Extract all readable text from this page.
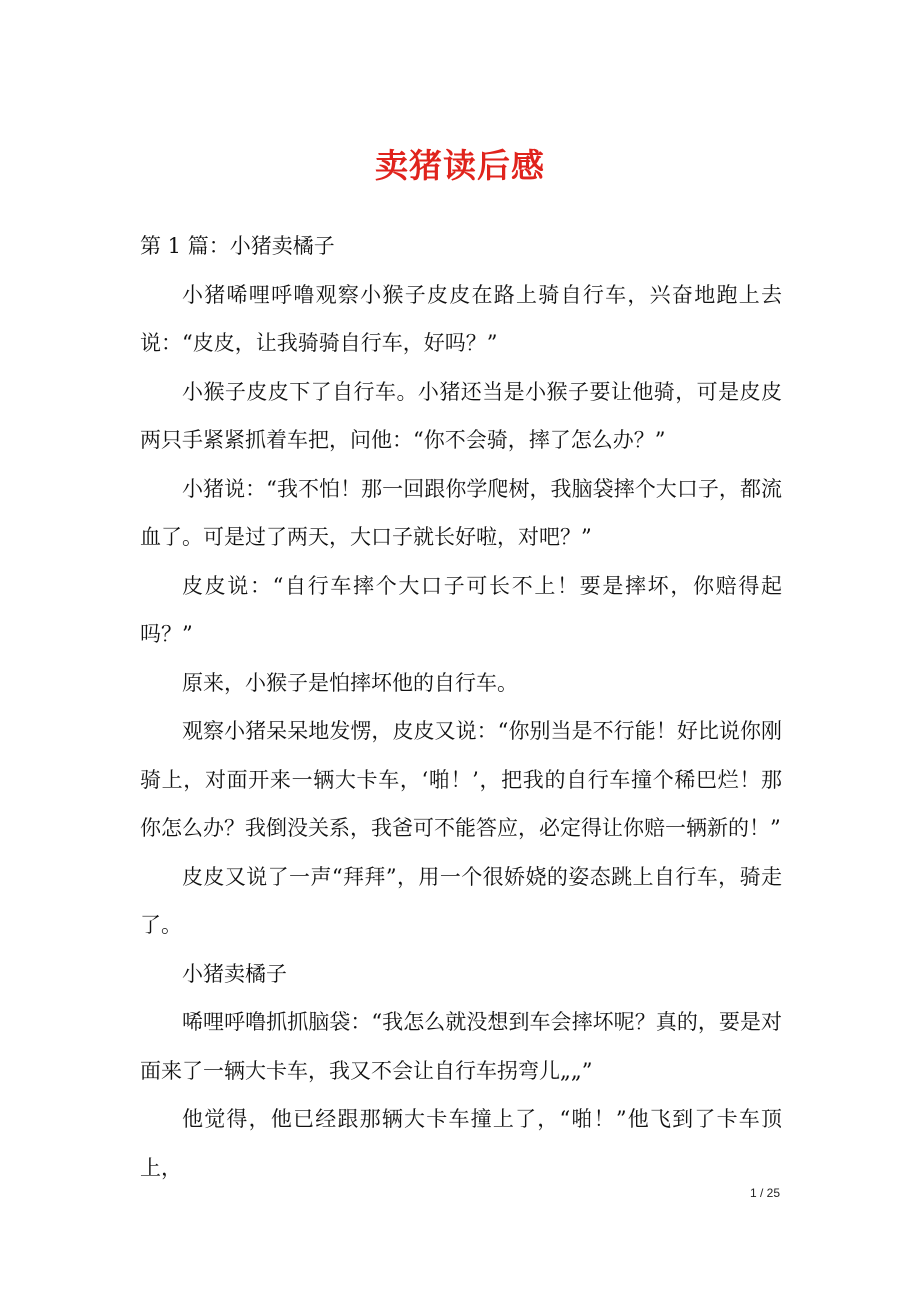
卖猪读后感

第 1 篇：小猪卖橘子

小猪唏哩呼噜观察小猴子皮皮在路上骑自行车，兴奋地跑上去说：“皮皮，让我骑骑自行车，好吗？”

小猴子皮皮下了自行车。小猪还当是小猴子要让他骑，可是皮皮两只手紧紧抓着车把，问他：“你不会骑，摔了怎么办？”

小猪说：“我不怕！那一回跟你学爬树，我脑袋摔个大口子，都流血了。可是过了两天，大口子就长好啦，对吧？”

皮皮说：“自行车摔个大口子可长不上！要是摔坏，你赔得起吗？”

原来，小猴子是怕摔坏他的自行车。

观察小猪呆呆地发愣，皮皮又说：“你别当是不行能！好比说你刚骑上，对面开来一辆大卡车，‘啪！’，把我的自行车撞个稀巴烂！那你怎么办？我倒没关系，我爸可不能答应，必定得让你赔一辆新的！”

皮皮又说了一声“拜拜”，用一个很娇娆的姿态跳上自行车，骑走了。

小猪卖橘子

唏哩呼噜抓抓脑袋：“我怎么就没想到车会摔坏呢？真的，要是对面来了一辆大卡车，我又不会让自行车拐弯儿„„”

他觉得，他已经跟那辆大卡车撞上了，“啪！”他飞到了卡车顶上，

1 / 25
